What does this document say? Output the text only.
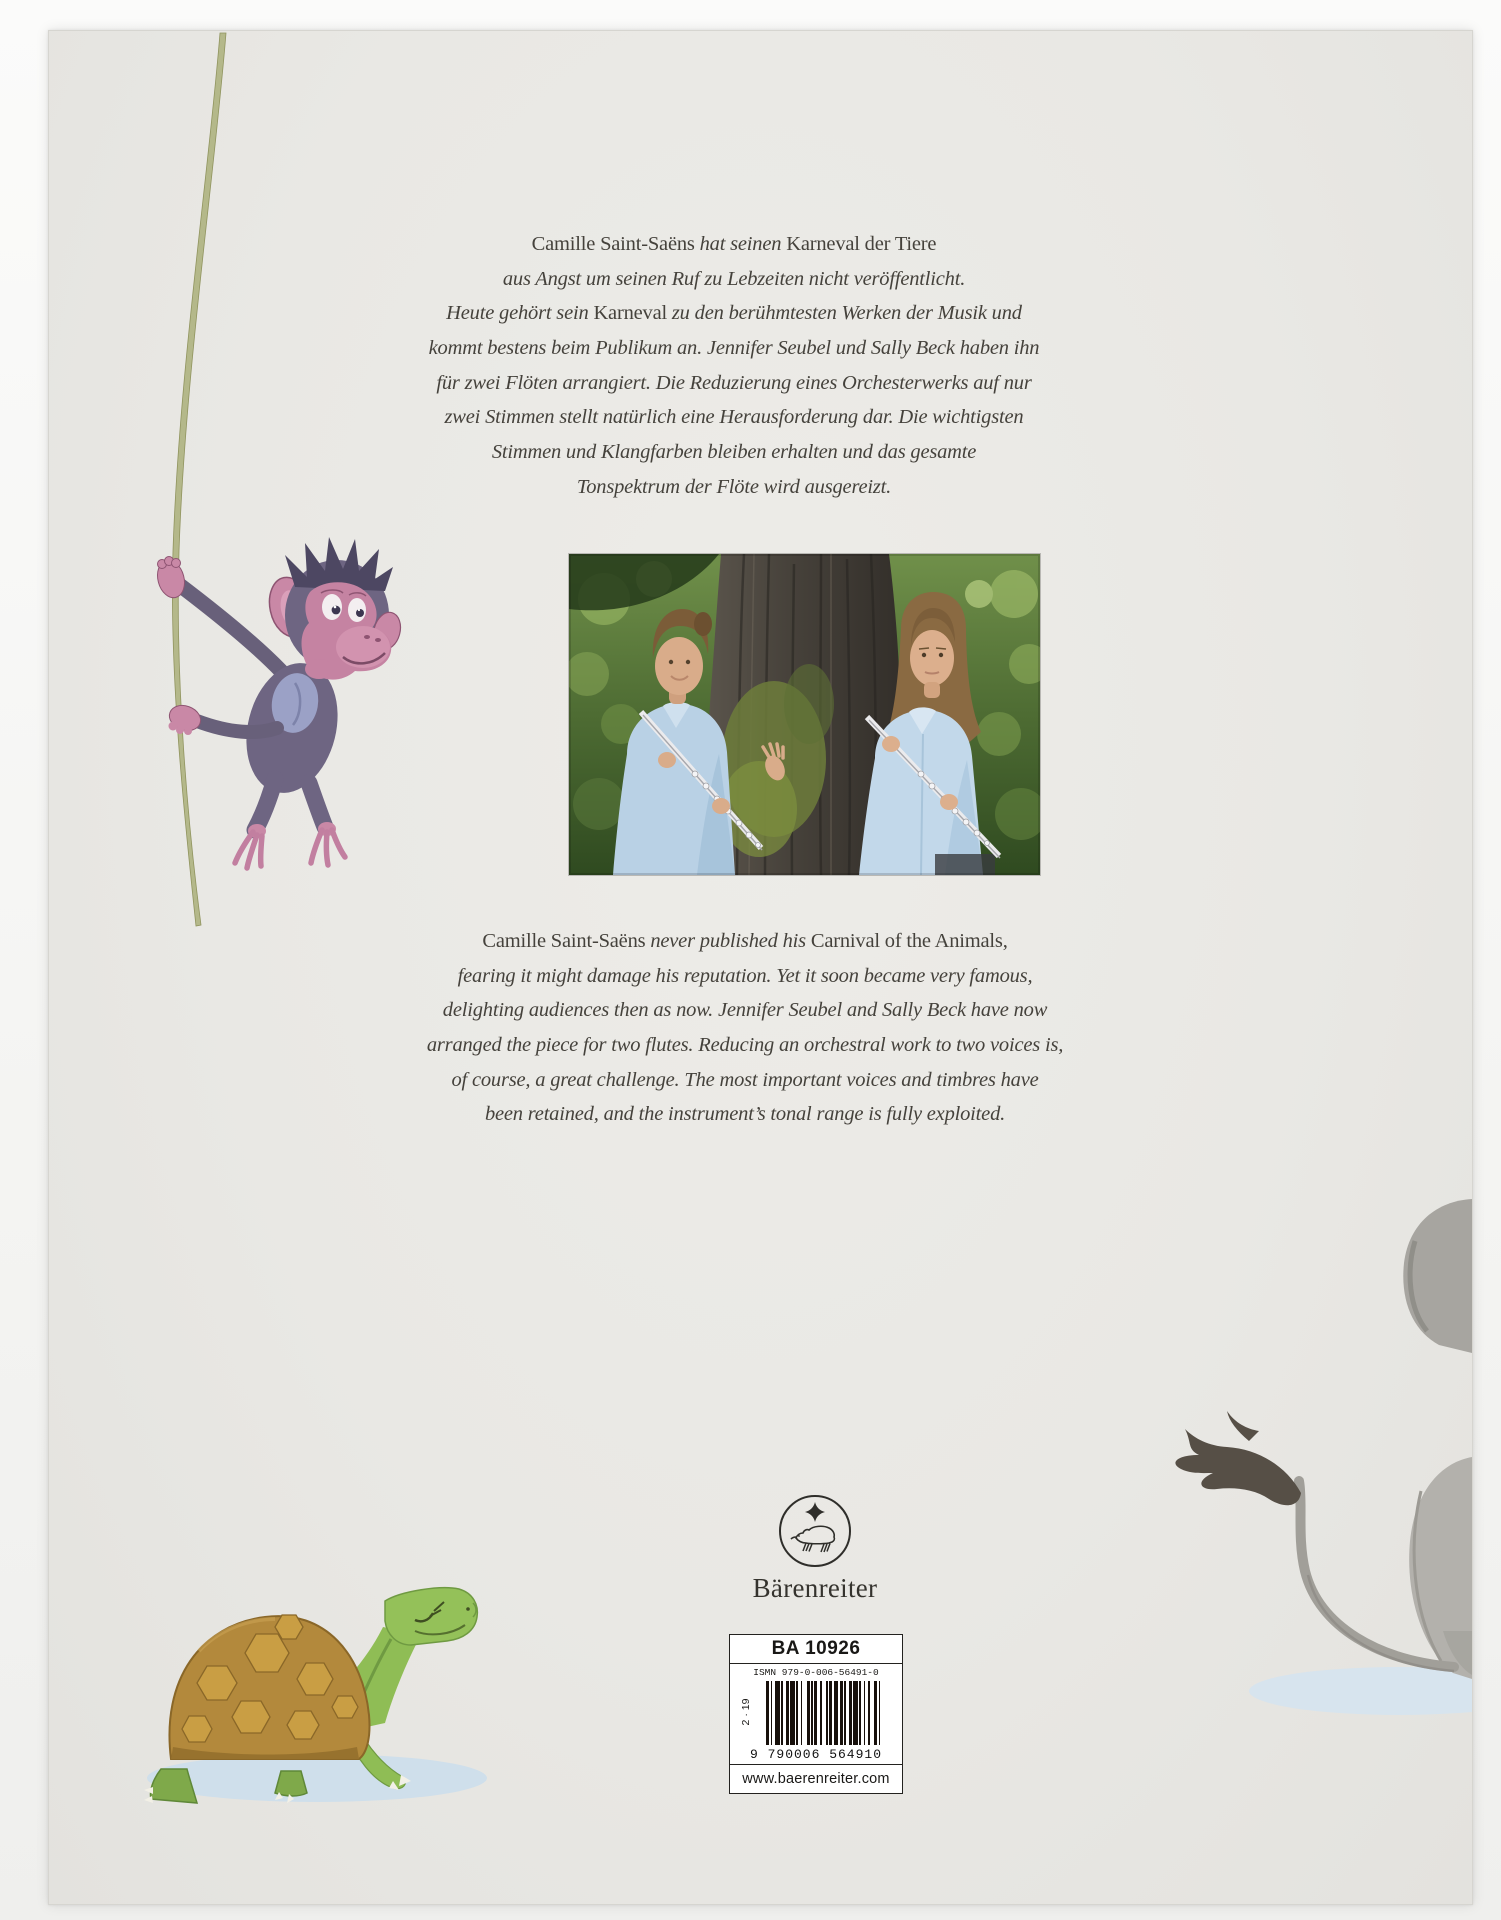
Camille Saint-Saëns hat seinen Karneval der Tiere
aus Angst um seinen Ruf zu Lebzeiten nicht veröffentlicht.
Heute gehört sein Karneval zu den berühmtesten Werken der Musik und
kommt bestens beim Publikum an. Jennifer Seubel und Sally Beck haben ihn
für zwei Flöten arrangiert. Die Reduzierung eines Orchesterwerks auf nur
zwei Stimmen stellt natürlich eine Herausforderung dar. Die wichtigsten
Stimmen und Klangfarben bleiben erhalten und das gesamte
Tonspektrum der Flöte wird ausgereizt.
Camille Saint-Saëns never published his Carnival of the Animals,
fearing it might damage his reputation. Yet it soon became very famous,
delighting audiences then as now. Jennifer Seubel and Sally Beck have now
arranged the piece for two flutes. Reducing an orchestral work to two voices is,
of course, a great challenge. The most important voices and timbres have
been retained, and the instrument’s tonal range is fully exploited.
Bärenreiter
BA 10926
ISMN 979-0-006-56491-0
2 · 19
9 790006 564910
www.baerenreiter.com
